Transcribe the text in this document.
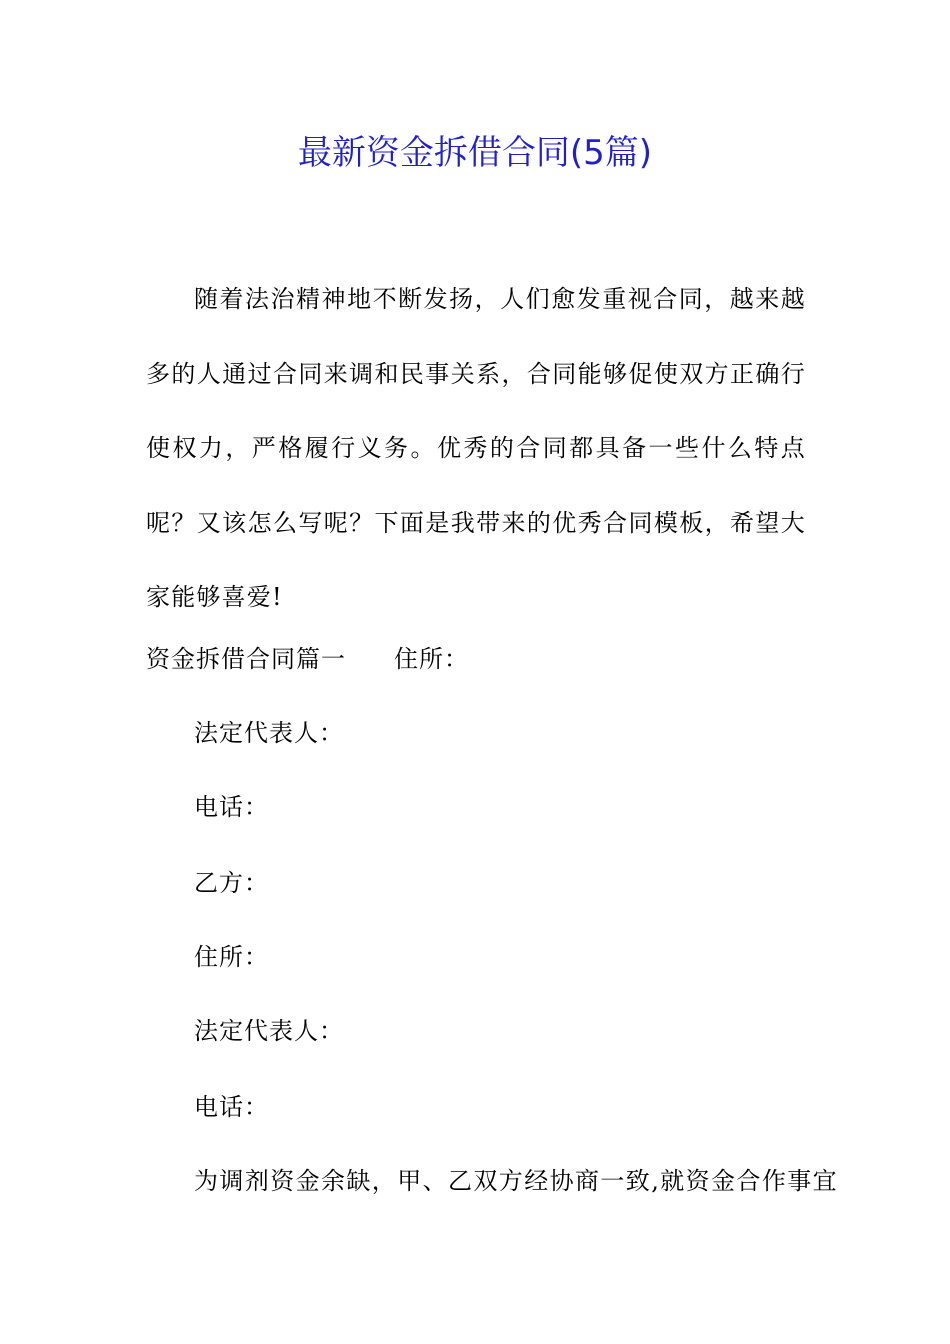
最新资金拆借合同(5篇)

随着法治精神地不断发扬，人们愈发重视合同，越来越多的人通过合同来调和民事关系，合同能够促使双方正确行使权力，严格履行义务。优秀的合同都具备一些什么特点呢？又该怎么写呢？下面是我带来的优秀合同模板，希望大家能够喜爱!

资金拆借合同篇一 住所：
法定代表人：
电话：
乙方：
住所：
法定代表人：
电话：
为调剂资金余缺，甲、乙双方经协商一致,就资金合作事宜
